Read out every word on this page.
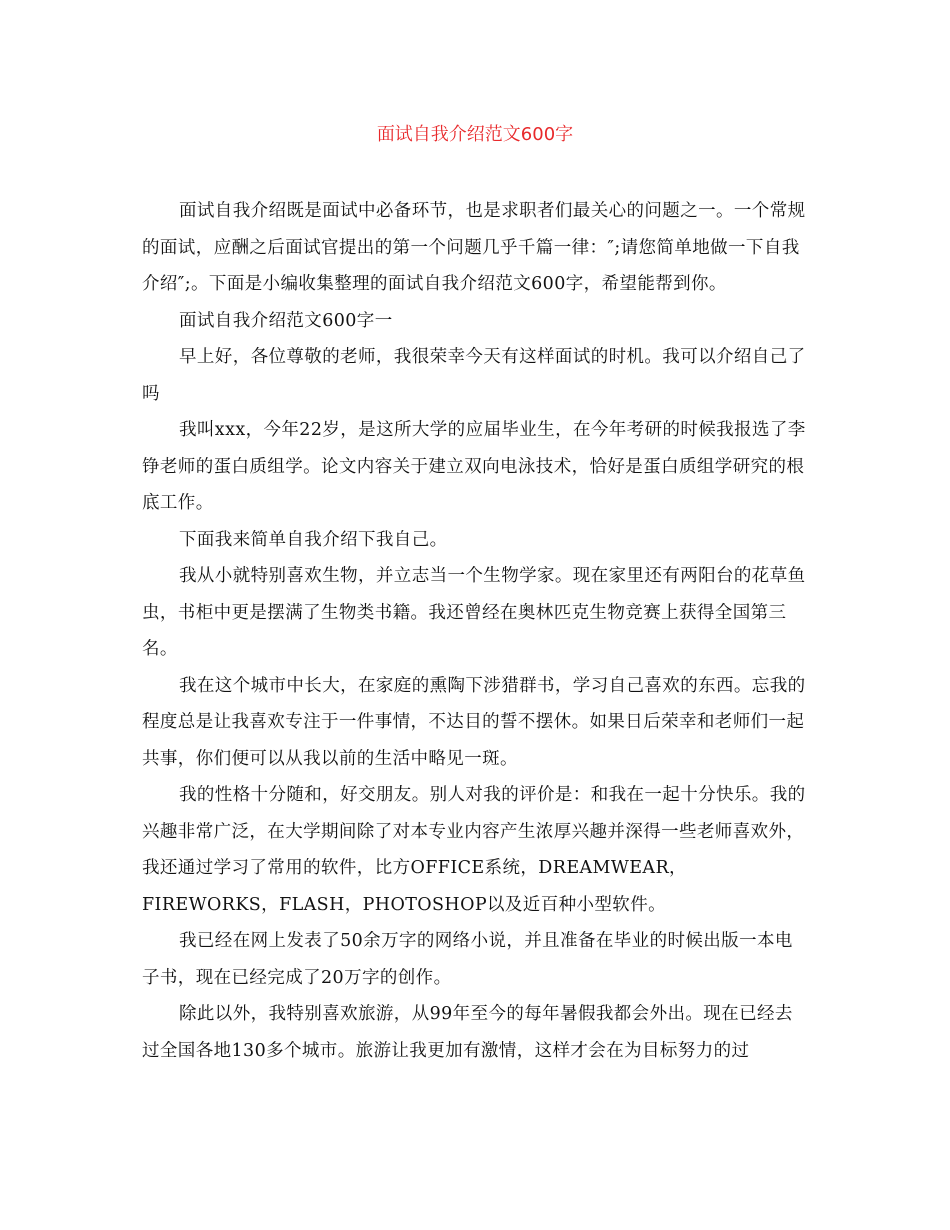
面试自我介绍范文600字

面试自我介绍既是面试中必备环节，也是求职者们最关心的问题之一。一个常规的面试，应酬之后面试官提出的第一个问题几乎千篇一律：″;请您简单地做一下自我介绍″;。下面是小编收集整理的面试自我介绍范文600字，希望能帮到你。

面试自我介绍范文600字一

早上好，各位尊敬的老师，我很荣幸今天有这样面试的时机。我可以介绍自己了吗

我叫xxx，今年22岁，是这所大学的应届毕业生，在今年考研的时候我报选了李铮老师的蛋白质组学。论文内容关于建立双向电泳技术，恰好是蛋白质组学研究的根底工作。

下面我来简单自我介绍下我自己。

我从小就特别喜欢生物，并立志当一个生物学家。现在家里还有两阳台的花草鱼虫，书柜中更是摆满了生物类书籍。我还曾经在奥林匹克生物竞赛上获得全国第三名。

我在这个城市中长大，在家庭的熏陶下涉猎群书，学习自己喜欢的东西。忘我的程度总是让我喜欢专注于一件事情，不达目的誓不摆休。如果日后荣幸和老师们一起共事，你们便可以从我以前的生活中略见一斑。

我的性格十分随和，好交朋友。别人对我的评价是：和我在一起十分快乐。我的兴趣非常广泛，在大学期间除了对本专业内容产生浓厚兴趣并深得一些老师喜欢外，我还通过学习了常用的软件，比方OFFICE系统，DREAMWEAR，FIREWORKS，FLASH，PHOTOSHOP以及近百种小型软件。

我已经在网上发表了50余万字的网络小说，并且准备在毕业的时候出版一本电子书，现在已经完成了20万字的创作。

除此以外，我特别喜欢旅游，从99年至今的每年暑假我都会外出。现在已经去过全国各地130多个城市。旅游让我更加有激情，这样才会在为目标努力的过
